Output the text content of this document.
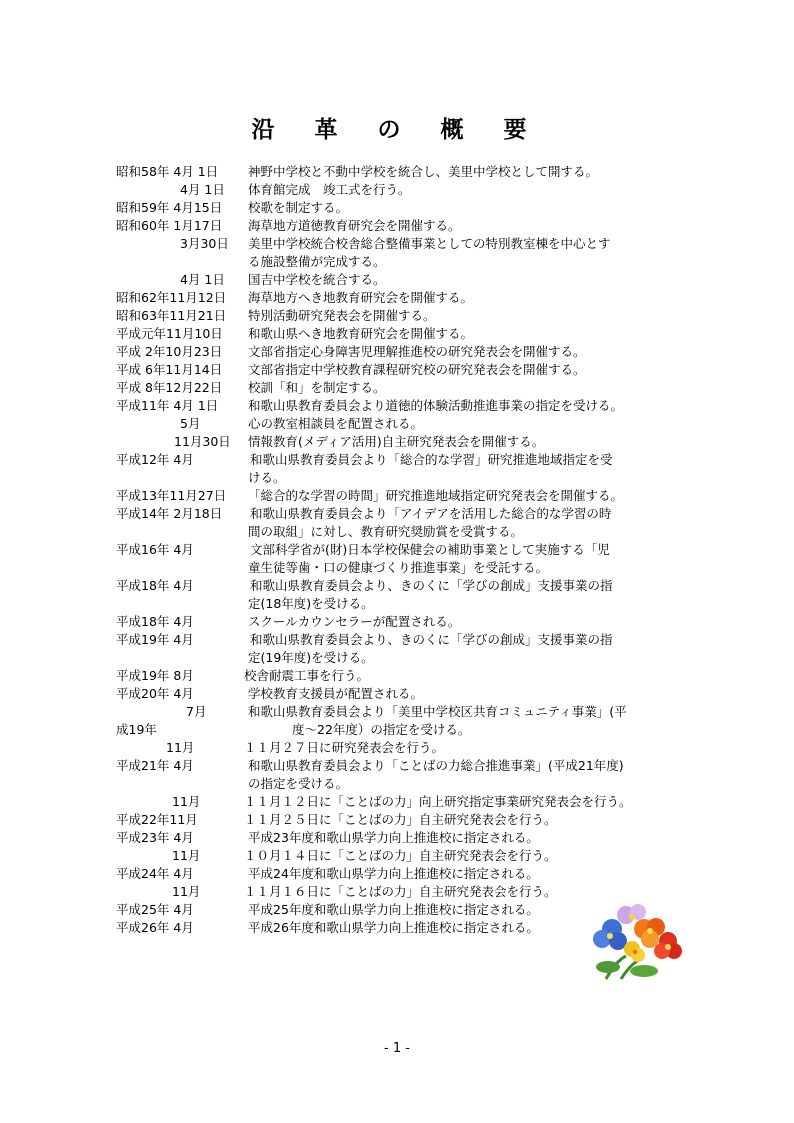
沿 革 の 概 要
昭和58年 4月 1日 神野中学校と不動中学校を統合し、美里中学校として開する。
4月 1日 体育館完成　竣工式を行う。
昭和59年 4月15日 校歌を制定する。
昭和60年 1月17日 海草地方道徳教育研究会を開催する。
3月30日 美里中学校統合校舎総合整備事業としての特別教室棟を中心とす
る施設整備が完成する。
4月 1日 国吉中学校を統合する。
昭和62年11月12日 海草地方へき地教育研究会を開催する。
昭和63年11月21日 特別活動研究発表会を開催する。
平成元年11月10日 和歌山県へき地教育研究会を開催する。
平成 2年10月23日 文部省指定心身障害児理解推進校の研究発表会を開催する。
平成 6年11月14日 文部省指定中学校教育課程研究校の研究発表会を開催する。
平成 8年12月22日 校訓「和」を制定する。
平成11年 4月 1日 和歌山県教育委員会より道徳的体験活動推進事業の指定を受ける。
5月	心の教室相談員を配置される。
11月30日 情報教育(メディア活用)自主研究発表会を開催する。
平成12年 4月	和歌山県教育委員会より「総合的な学習」研究推進地域指定を受
ける。
平成13年11月27日 「総合的な学習の時間」研究推進地域指定研究発表会を開催する。
平成14年 2月18日 和歌山県教育委員会より「アイデアを活用した総合的な学習の時
間の取組」に対し、教育研究奨励賞を受賞する。
平成16年 4月	文部科学省が(財)日本学校保健会の補助事業として実施する「児
童生徒等歯・口の健康づくり推進事業」を受託する。
平成18年 4月	和歌山県教育委員会より、きのくに「学びの創成」支援事業の指
定(18年度)を受ける。
平成18年 4月	スクールカウンセラーが配置される。
平成19年 4月	和歌山県教育委員会より、きのくに「学びの創成」支援事業の指
定(19年度)を受ける。
平成19年 8月	校舎耐震工事を行う。
平成20年 4月	学校教育支援員が配置される。
7月	和歌山県教育委員会より「美里中学校区共育コミュニティ事業」(平
成19年	度～22年度）の指定を受ける。
11月	１１月２７日に研究発表会を行う。
平成21年 4月	和歌山県教育委員会より「ことばの力総合推進事業」(平成21年度)
の指定を受ける。
11月	１１月１２日に「ことばの力」向上研究指定事業研究発表会を行う。
平成22年11月	１１月２５日に「ことばの力」自主研究発表会を行う。
平成23年 4月	平成23年度和歌山県学力向上推進校に指定される。
11月	１０月１４日に「ことばの力」自主研究発表会を行う。
平成24年 4月	平成24年度和歌山県学力向上推進校に指定される。
11月	１１月１６日に「ことばの力」自主研究発表会を行う。
平成25年 4月	平成25年度和歌山県学力向上推進校に指定される。
平成26年 4月	平成26年度和歌山県学力向上推進校に指定される。
- 1 -
